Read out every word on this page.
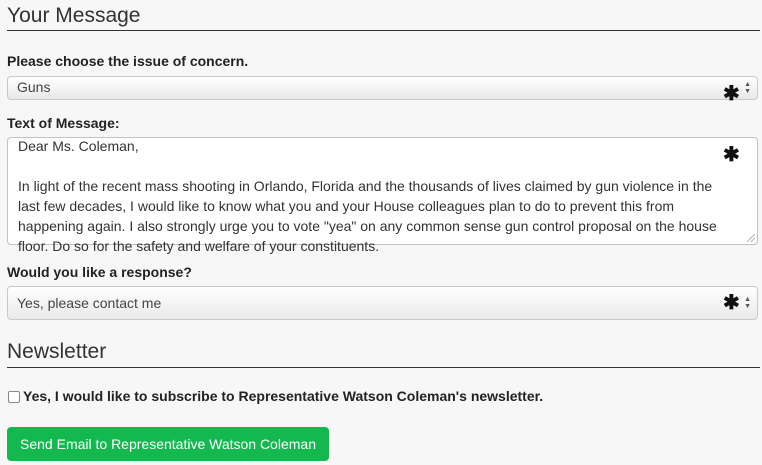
Your Message
Please choose the issue of concern.
Guns	▲
▼
✱
Text of Message:
Dear Ms. Coleman,

In light of the recent mass shooting in Orlando, Florida and the thousands of lives claimed by gun violence in the last few decades, I would like to know what you and your House colleagues plan to do to prevent this from happening again. I also strongly urge you to vote "yea" on any common sense gun control proposal on the house floor. Do so for the safety and welfare of your constituents.
✱
Would you like a response?
Yes, please contact me	▲
▼
✱
Newsletter
Yes, I would like to subscribe to Representative Watson Coleman's newsletter.
Send Email to Representative Watson Coleman
